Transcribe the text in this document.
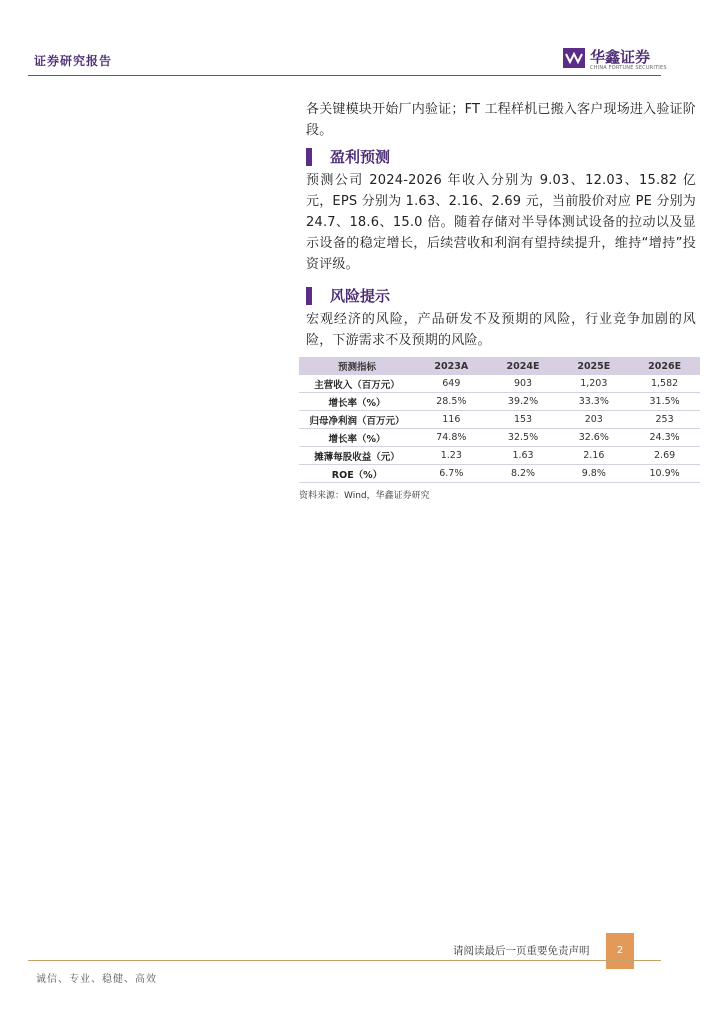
证券研究报告	华鑫证券
CHINA FORTUNE SECURITIES

各关键模块开始厂内验证；FT 工程样机已搬入客户现场进入验证阶段。

盈利预测

预测公司 2024-2026 年收入分别为 9.03、12.03、15.82 亿元，EPS 分别为 1.63、2.16、2.69 元，当前股价对应 PE 分别为 24.7、18.6、15.0 倍。随着存储对半导体测试设备的拉动以及显示设备的稳定增长，后续营收和利润有望持续提升，维持“增持”投资评级。

风险提示

宏观经济的风险，产品研发不及预期的风险，行业竞争加剧的风险，下游需求不及预期的风险。

预测指标	2023A	2024E	2025E	2026E
主营收入（百万元）	649	903	1,203	1,582
增长率（%）	28.5%	39.2%	33.3%	31.5%
归母净利润（百万元）	116	153	203	253
增长率（%）	74.8%	32.5%	32.6%	24.3%
摊薄每股收益（元）	1.23	1.63	2.16	2.69
ROE（%）	6.7%	8.2%	9.8%	10.9%
资料来源：Wind，华鑫证券研究
请阅读最后一页重要免责声明	2
诚信、专业、稳健、高效
